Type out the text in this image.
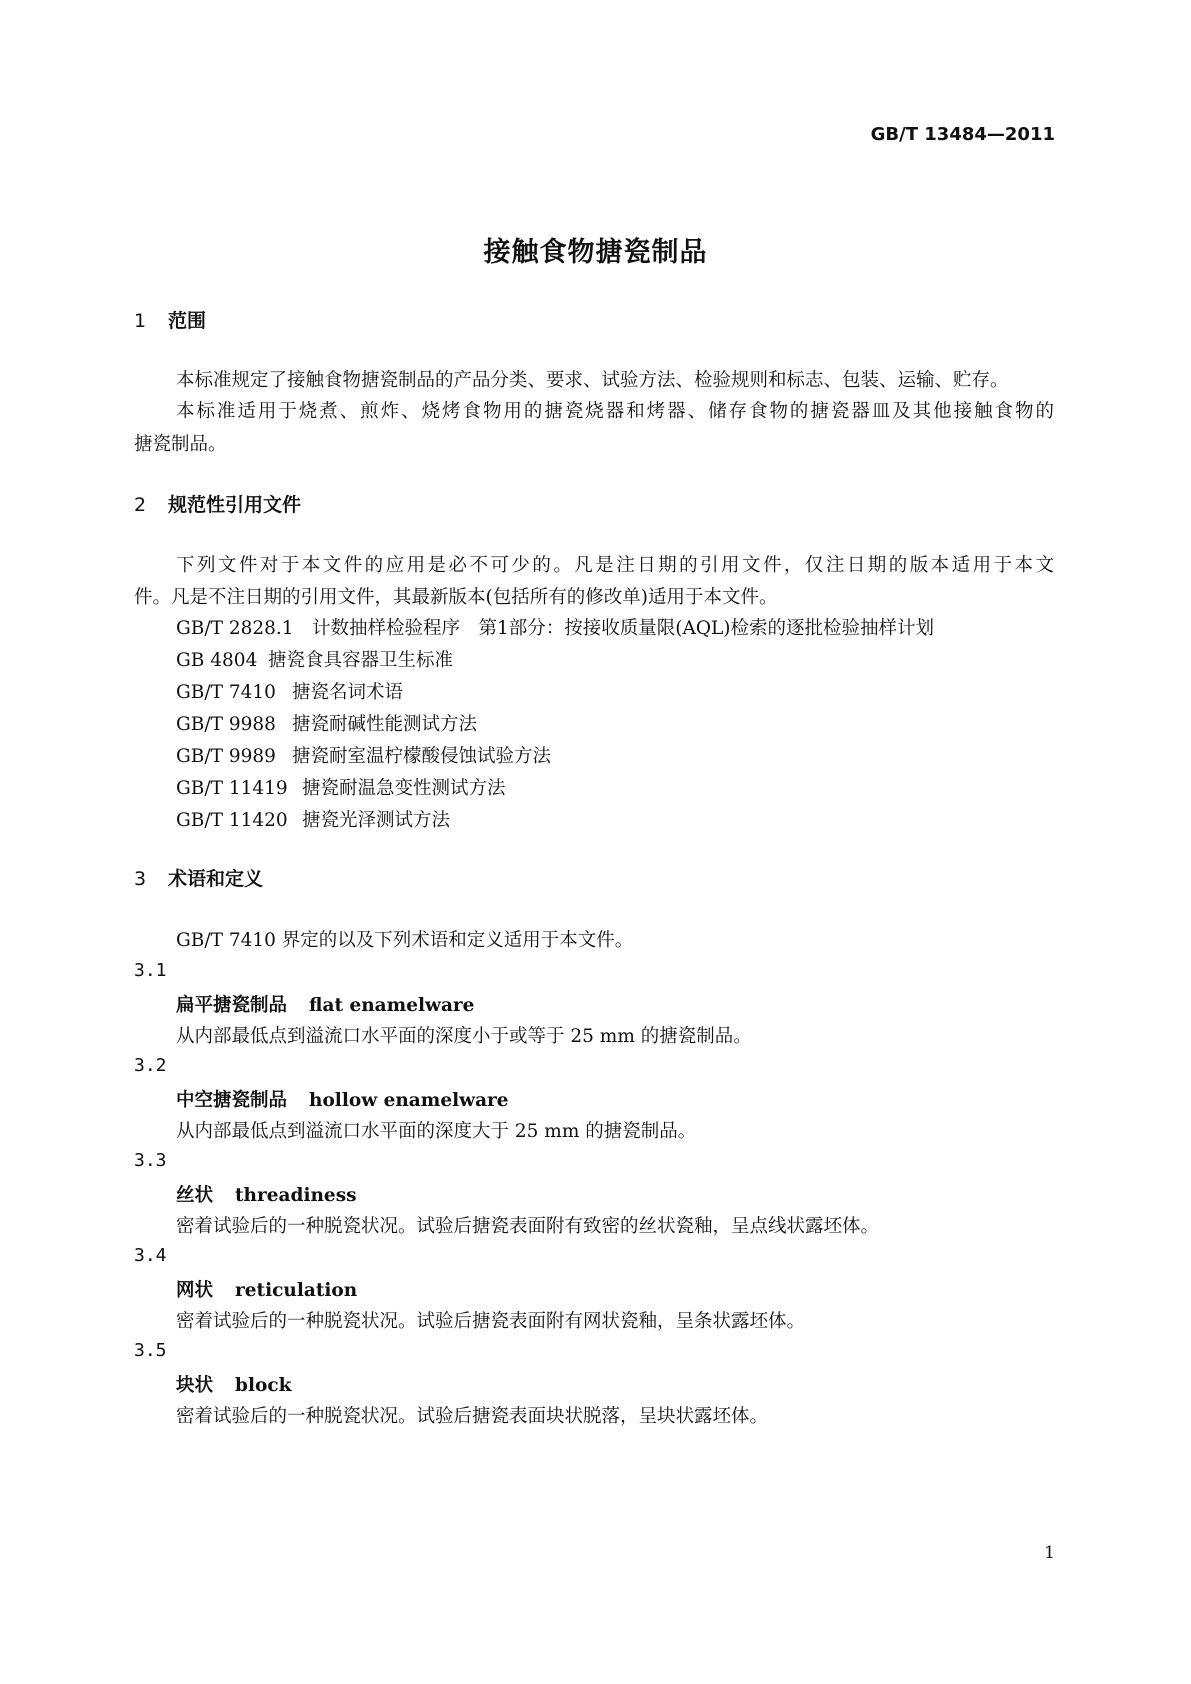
GB/T 13484—2011
接触食物搪瓷制品
1 范围
本标准规定了接触食物搪瓷制品的产品分类、要求、试验方法、检验规则和标志、包装、运输、贮存。
本标准适用于烧煮、煎炸、烧烤食物用的搪瓷烧器和烤器、储存食物的搪瓷器皿及其他接触食物的
搪瓷制品。
2 规范性引用文件
下列文件对于本文件的应用是必不可少的。凡是注日期的引用文件，仅注日期的版本适用于本文
件。凡是不注日期的引用文件，其最新版本(包括所有的修改单)适用于本文件。
GB/T 2828.1 计数抽样检验程序　第1部分：按接收质量限(AQL)检索的逐批检验抽样计划
GB 4804 搪瓷食具容器卫生标准
GB/T 7410 搪瓷名词术语
GB/T 9988 搪瓷耐碱性能测试方法
GB/T 9989 搪瓷耐室温柠檬酸侵蚀试验方法
GB/T 11419 搪瓷耐温急变性测试方法
GB/T 11420 搪瓷光泽测试方法
3 术语和定义
GB/T 7410 界定的以及下列术语和定义适用于本文件。
3.1
扁平搪瓷制品 flat enamelware
从内部最低点到溢流口水平面的深度小于或等于 25 mm 的搪瓷制品。
3.2
中空搪瓷制品 hollow enamelware
从内部最低点到溢流口水平面的深度大于 25 mm 的搪瓷制品。
3.3
丝状 threadiness
密着试验后的一种脱瓷状况。试验后搪瓷表面附有致密的丝状瓷釉，呈点线状露坯体。
3.4
网状 reticulation
密着试验后的一种脱瓷状况。试验后搪瓷表面附有网状瓷釉，呈条状露坯体。
3.5
块状 block
密着试验后的一种脱瓷状况。试验后搪瓷表面块状脱落，呈块状露坯体。
1
